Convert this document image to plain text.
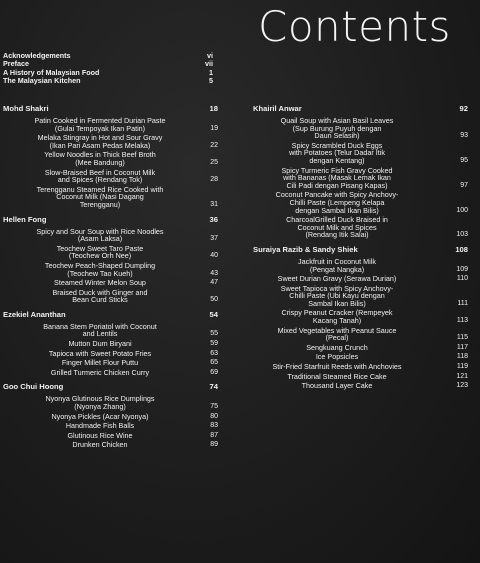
Contents
Acknowledgements	vi
Preface	vii
A History of Malaysian Food	1
The Malaysian Kitchen	5
Mohd Shakri	18
Patin Cooked in Fermented Durian Paste
(Gulai Tempoyak Ikan Patin)	19
Melaka Stingray in Hot and Sour Gravy
(Ikan Pari Asam Pedas Melaka)	22
Yellow Noodles in Thick Beef Broth
(Mee Bandung)	25
Slow-Braised Beef in Coconut Milk
and Spices (Rendang Tok)	28
Terengganu Steamed Rice Cooked with
Coconut Milk (Nasi Dagang
Terengganu)	31
Hellen Fong	36
Spicy and Sour Soup with Rice Noodles
(Asam Laksa)	37
Teochew Sweet Taro Paste
(Teochew Orh Nee)	40
Teochew Peach-Shaped Dumpling
(Teochew Tao Kueh)	43
Steamed Winter Melon Soup	47
Braised Duck with Ginger and
Bean Curd Sticks	50
Ezekiel Ananthan	54
Banana Stem Poriatol with Coconut
and Lentils	55
Mutton Dum Biryani	59
Tapioca with Sweet Potato Fries	63
Finger Millet Flour Puttu	65
Grilled Turmeric Chicken Curry	69
Goo Chui Hoong	74
Nyonya Glutinous Rice Dumplings
(Nyonya Zhang)	75
Nyonya Pickles (Acar Nyonya)	80
Handmade Fish Balls	83
Glutinous Rice Wine	87
Drunken Chicken	89
Khairil Anwar	92
Quail Soup with Asian Basil Leaves
(Sup Burung Puyuh dengan
Daun Selasih)	93
Spicy Scrambled Duck Eggs
with Potatoes (Telur Dadar Itik
dengan Kentang)	95
Spicy Turmeric Fish Gravy Cooked
with Bananas (Masak Lemak Ikan
Cili Padi dengan Pisang Kapas)	97
Coconut Pancake with Spicy Anchovy-
Chilli Paste (Lempeng Kelapa
dengan Sambal Ikan Bilis)	100
CharcoalGrilled Duck Braised in
Coconut Milk and Spices
(Rendang Itik Salai)	103
Suraiya Razib & Sandy Shiek	108
Jackfruit in Coconut Milk
(Pengat Nangka)	109
Sweet Durian Gravy (Serawa Durian)	110
Sweet Tapioca with Spicy Anchovy-
Chilli Paste (Ubi Kayu dengan
Sambal Ikan Bilis)	111
Crispy Peanut Cracker (Rempeyek
Kacang Tanah)	113
Mixed Vegetables with Peanut Sauce
(Pecal)	115
Sengkuang Crunch	117
Ice Popsicles	118
Stir-Fried Starfruit Reeds with Anchovies	119
Traditional Steamed Rice Cake	121
Thousand Layer Cake	123
